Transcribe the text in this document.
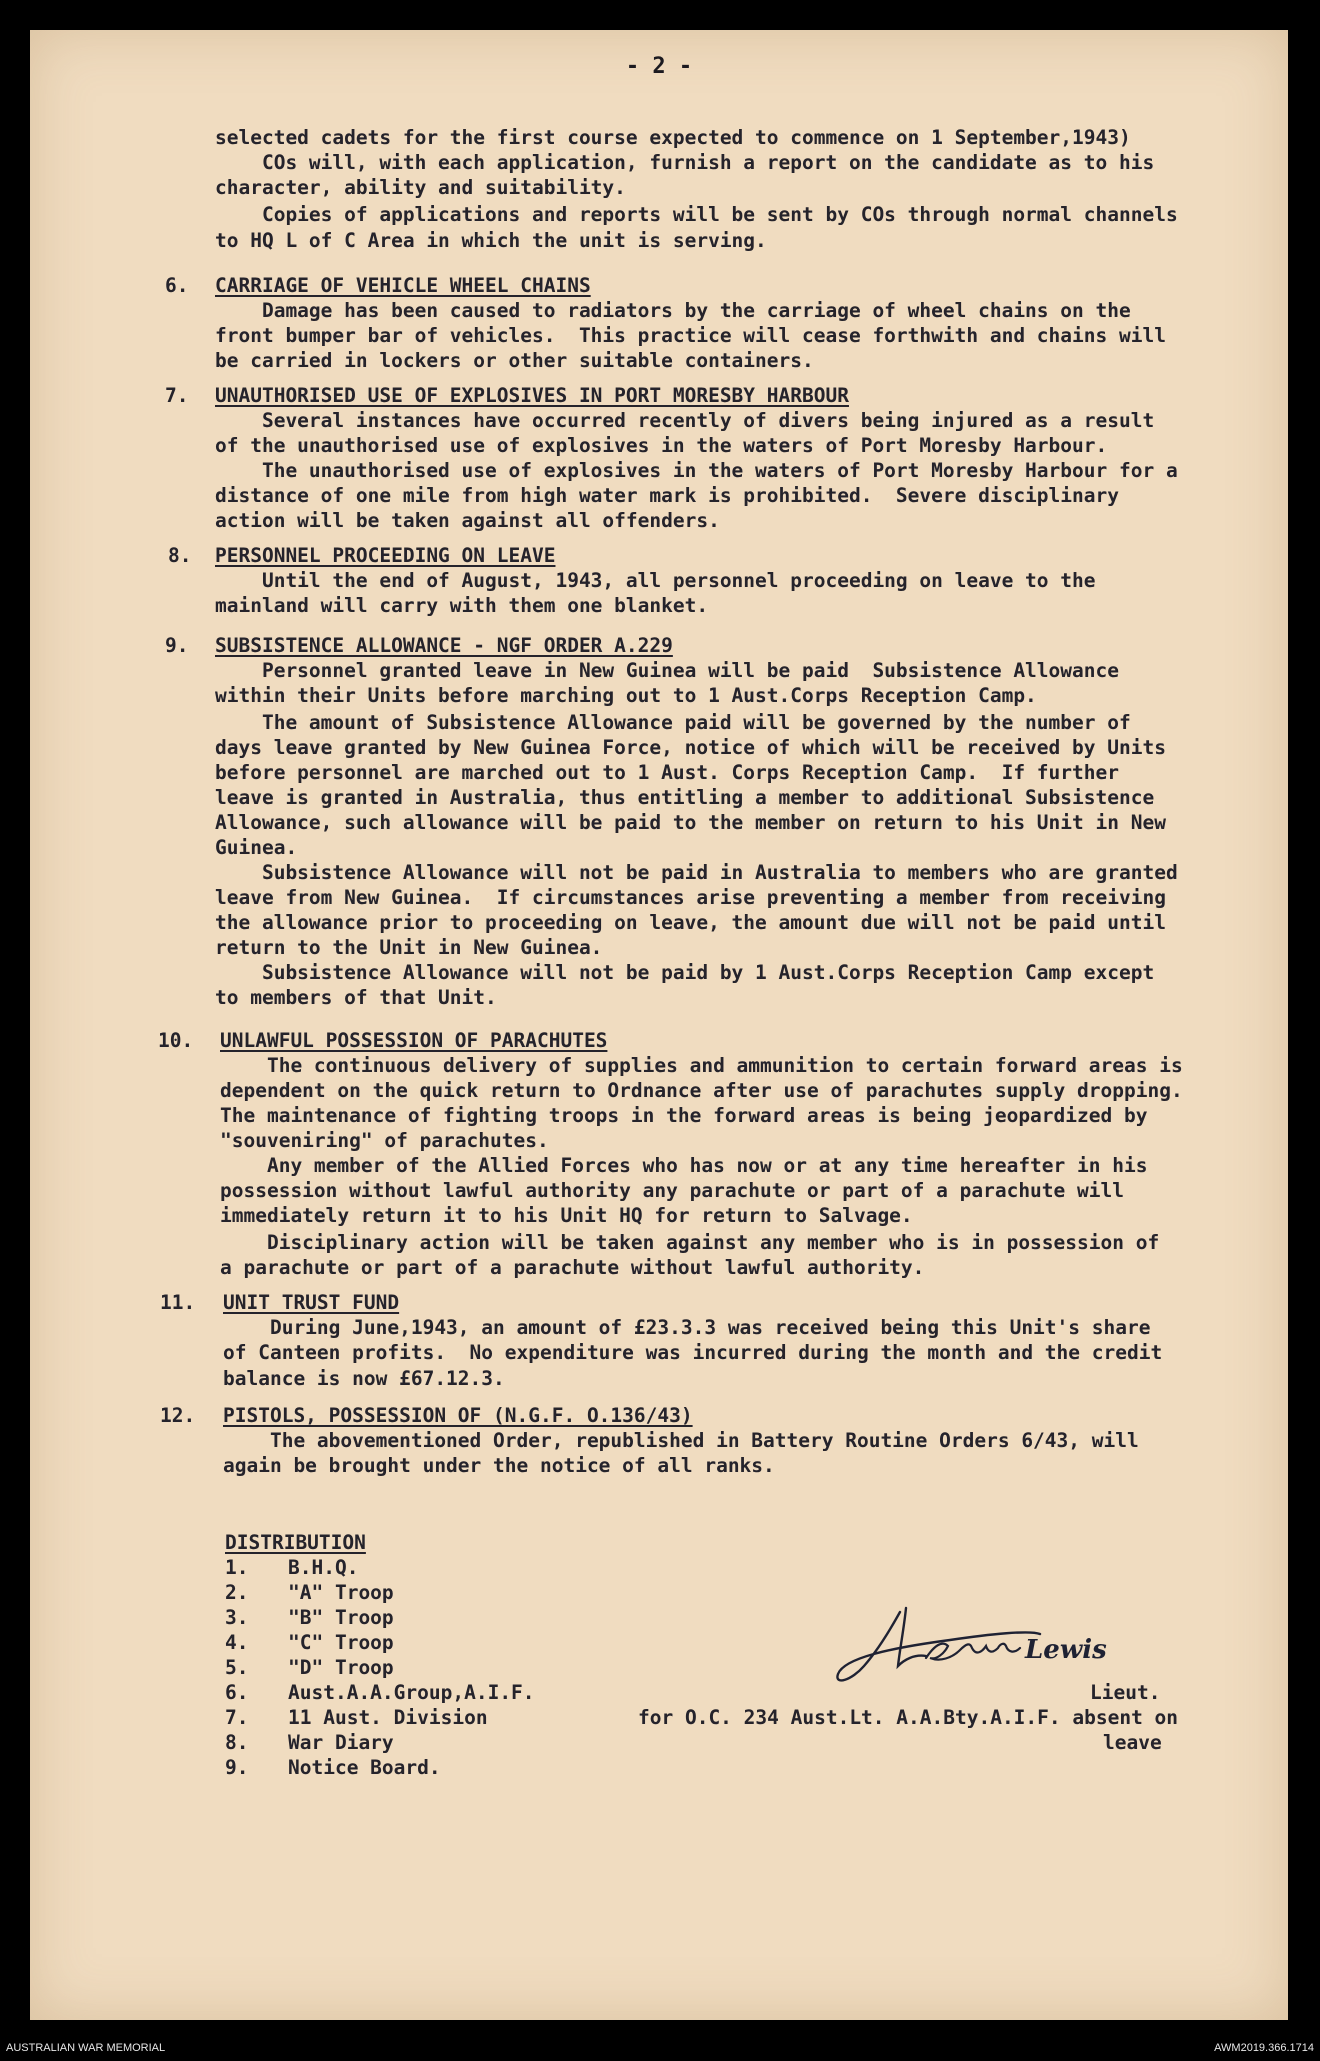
- 2 -
selected cadets for the first course expected to commence on 1 September,1943)
COs will, with each application, furnish a report on the candidate as to his
character, ability and suitability.
Copies of applications and reports will be sent by COs through normal channels
to HQ L of C Area in which the unit is serving.
6. CARRIAGE OF VEHICLE WHEEL CHAINS
Damage has been caused to radiators by the carriage of wheel chains on the
front bumper bar of vehicles.  This practice will cease forthwith and chains will
be carried in lockers or other suitable containers.
7. UNAUTHORISED USE OF EXPLOSIVES IN PORT MORESBY HARBOUR
Several instances have occurred recently of divers being injured as a result
of the unauthorised use of explosives in the waters of Port Moresby Harbour.
The unauthorised use of explosives in the waters of Port Moresby Harbour for a
distance of one mile from high water mark is prohibited.  Severe disciplinary
action will be taken against all offenders.
8. PERSONNEL PROCEEDING ON LEAVE
Until the end of August, 1943, all personnel proceeding on leave to the
mainland will carry with them one blanket.
9. SUBSISTENCE ALLOWANCE - NGF ORDER A.229
Personnel granted leave in New Guinea will be paid  Subsistence Allowance
within their Units before marching out to 1 Aust.Corps Reception Camp.
The amount of Subsistence Allowance paid will be governed by the number of
days leave granted by New Guinea Force, notice of which will be received by Units
before personnel are marched out to 1 Aust. Corps Reception Camp.  If further
leave is granted in Australia, thus entitling a member to additional Subsistence
Allowance, such allowance will be paid to the member on return to his Unit in New
Guinea.
Subsistence Allowance will not be paid in Australia to members who are granted
leave from New Guinea.  If circumstances arise preventing a member from receiving
the allowance prior to proceeding on leave, the amount due will not be paid until
return to the Unit in New Guinea.
Subsistence Allowance will not be paid by 1 Aust.Corps Reception Camp except
to members of that Unit.
10. UNLAWFUL POSSESSION OF PARACHUTES
The continuous delivery of supplies and ammunition to certain forward areas is
dependent on the quick return to Ordnance after use of parachutes supply dropping.
The maintenance of fighting troops in the forward areas is being jeopardized by
"souveniring" of parachutes.
Any member of the Allied Forces who has now or at any time hereafter in his
possession without lawful authority any parachute or part of a parachute will
immediately return it to his Unit HQ for return to Salvage.
Disciplinary action will be taken against any member who is in possession of
a parachute or part of a parachute without lawful authority.
11. UNIT TRUST FUND
During June,1943, an amount of £23.3.3 was received being this Unit's share
of Canteen profits.  No expenditure was incurred during the month and the credit
balance is now £67.12.3.
12. PISTOLS, POSSESSION OF (N.G.F. O.136/43)
The abovementioned Order, republished in Battery Routine Orders 6/43, will
again be brought under the notice of all ranks.
DISTRIBUTION
1. B.H.Q.
2. "A" Troop
3. "B" Troop
4. "C" Troop
5. "D" Troop
6. Aust.A.A.Group,A.I.F.
7. 11 Aust. Division
8. War Diary
9. Notice Board.
Lewis
Lieut.
for O.C. 234 Aust.Lt. A.A.Bty.A.I.F. absent on
leave
AUSTRALIAN WAR MEMORIAL	AWM2019.366.1714
